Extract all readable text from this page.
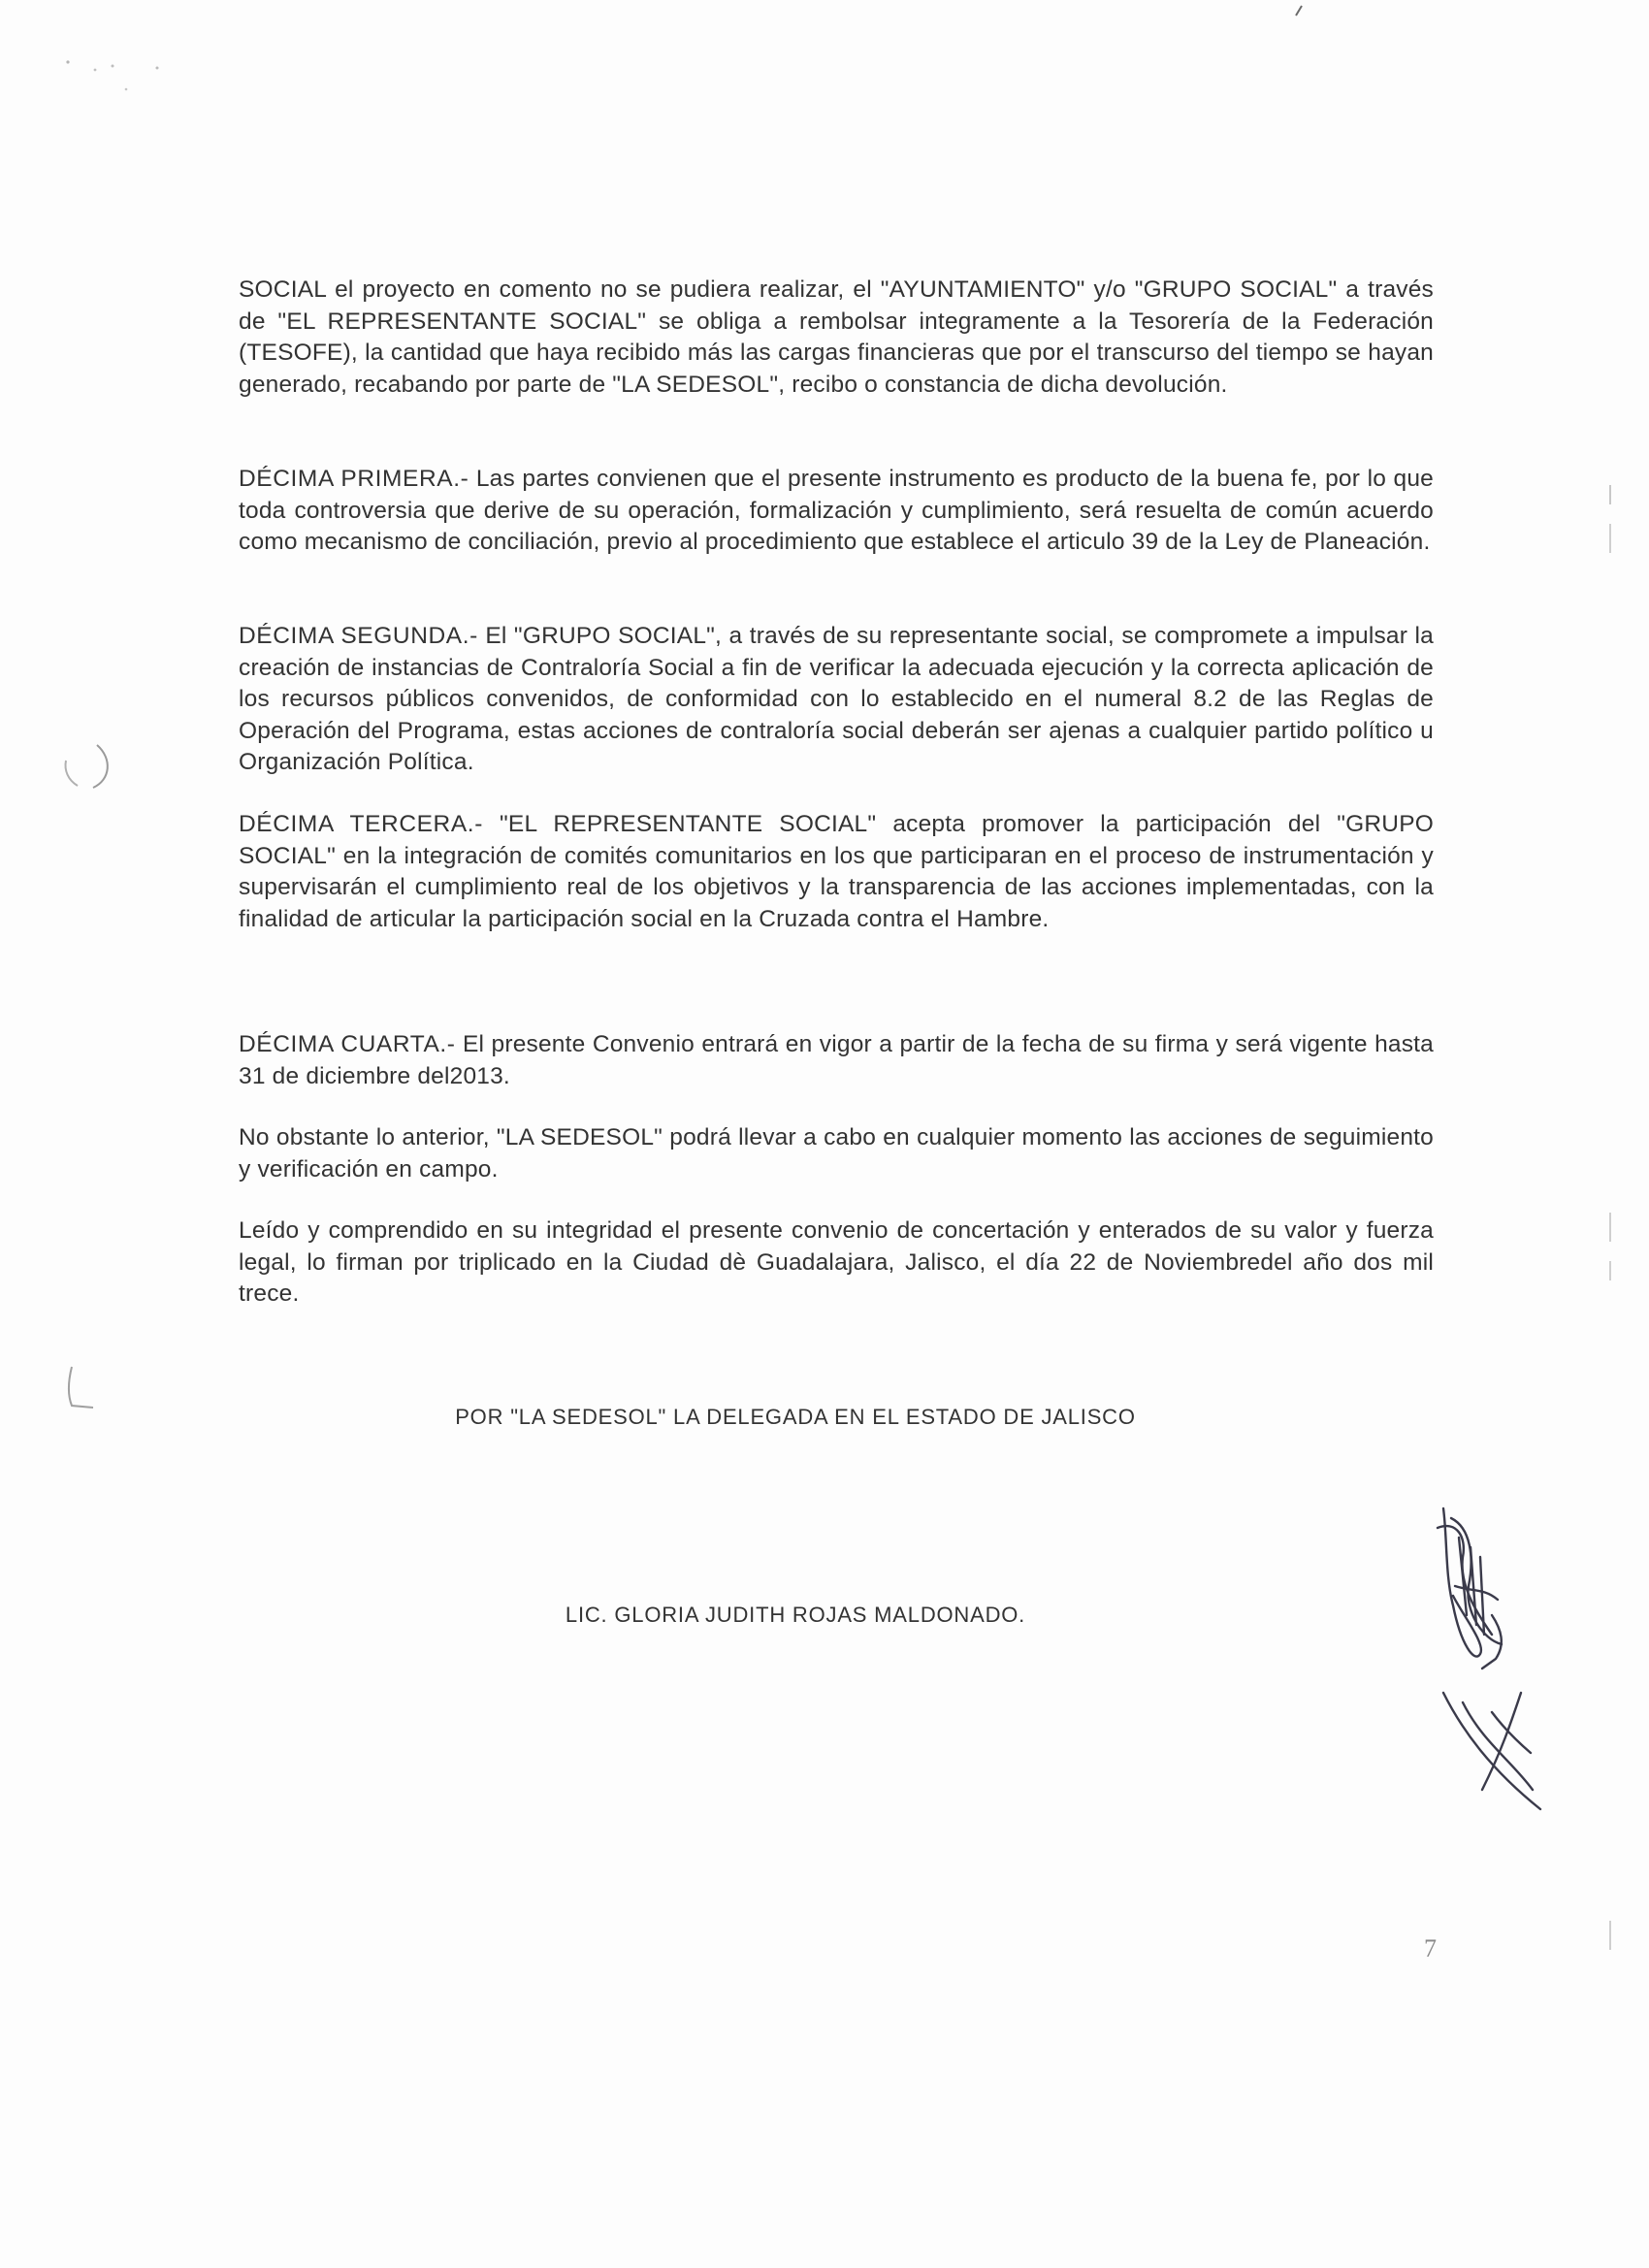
SOCIAL el proyecto en comento no se pudiera realizar, el "AYUNTAMIENTO" y/o "GRUPO SOCIAL" a través de "EL REPRESENTANTE SOCIAL" se obliga a rembolsar integramente a la Tesorería de la Federación (TESOFE), la cantidad que haya recibido más las cargas financieras que por el transcurso del tiempo se hayan generado, recabando por parte de "LA SEDESOL", recibo o constancia de dicha devolución.

DÉCIMA PRIMERA.- Las partes convienen que el presente instrumento es producto de la buena fe, por lo que toda controversia que derive de su operación, formalización y cumplimiento, será resuelta de común acuerdo como mecanismo de conciliación, previo al procedimiento que establece el articulo 39 de la Ley de Planeación.

DÉCIMA SEGUNDA.- El "GRUPO SOCIAL", a través de su representante social, se compromete a impulsar la creación de instancias de Contraloría Social a fin de verificar la adecuada ejecución y la correcta aplicación de los recursos públicos convenidos, de conformidad con lo establecido en el numeral 8.2 de las Reglas de Operación del Programa, estas acciones de contraloría social deberán ser ajenas a cualquier partido político u Organización Política.

DÉCIMA TERCERA.- "EL REPRESENTANTE SOCIAL" acepta promover la participación del "GRUPO SOCIAL" en la integración de comités comunitarios en los que participaran en el proceso de instrumentación y supervisarán el cumplimiento real de los objetivos y la transparencia de las acciones implementadas, con la finalidad de articular la participación social en la Cruzada contra el Hambre.

DÉCIMA CUARTA.- El presente Convenio entrará en vigor a partir de la fecha de su firma y será vigente hasta 31 de diciembre del2013.

No obstante lo anterior, "LA SEDESOL" podrá llevar a cabo en cualquier momento las acciones de seguimiento y verificación en campo.

Leído y comprendido en su integridad el presente convenio de concertación y enterados de su valor y fuerza legal, lo firman por triplicado en la Ciudad dè Guadalajara, Jalisco, el día 22 de Noviembredel año dos mil trece.

POR "LA SEDESOL" LA DELEGADA EN EL ESTADO DE JALISCO

LIC. GLORIA JUDITH ROJAS MALDONADO.

7
